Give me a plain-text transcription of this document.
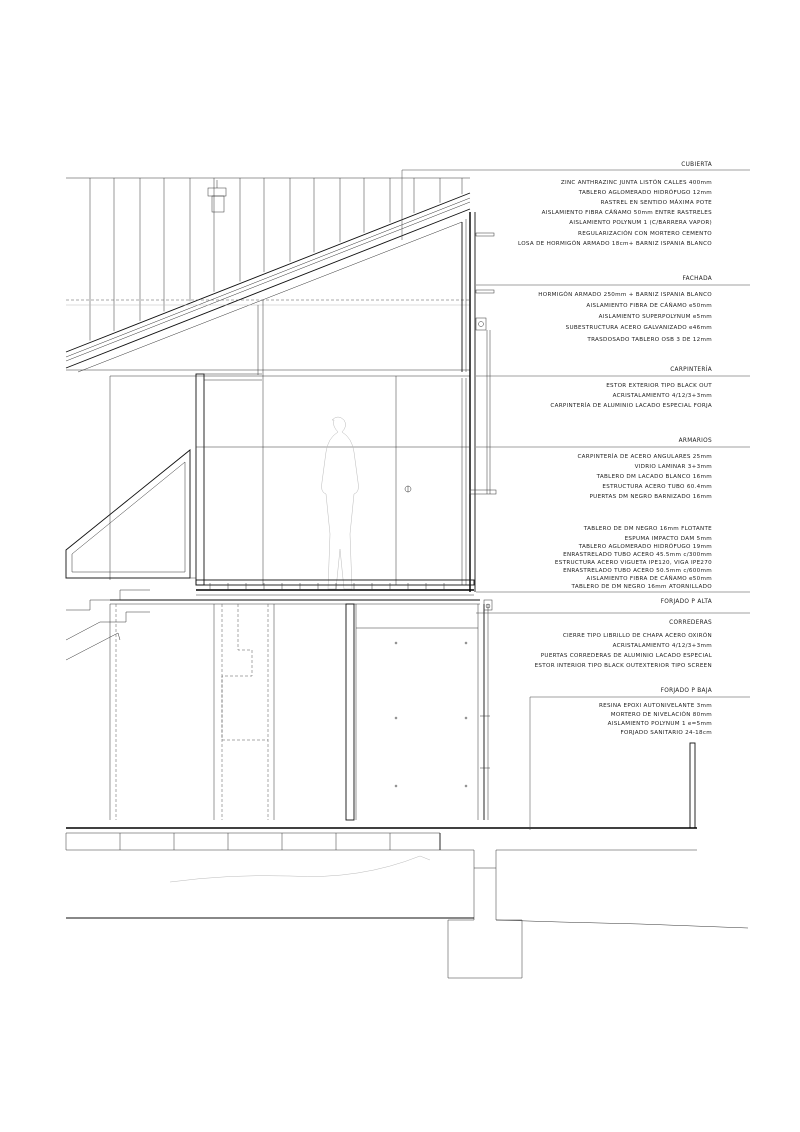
CUBIERTA
ZINC ANTHRAZINC JUNTA LISTÓN CALLES 400mm
TABLERO AGLOMERADO HIDRÓFUGO 12mm
RASTREL EN SENTIDO MÁXIMA POTE
AISLAMIENTO FIBRA CÁÑAMO 50mm ENTRE RASTRELES
AISLAMIENTO POLYNUM 1 (C/BARRERA VAPOR)
REGULARIZACIÓN CON MORTERO CEMENTO
LOSA DE HORMIGÓN ARMADO 18cm+ BARNIZ ISPANIA BLANCO
FACHADA
HORMIGÓN ARMADO 250mm + BARNIZ ISPANIA BLANCO
AISLAMIENTO FIBRA DE CÁÑAMO e50mm
AISLAMIENTO SUPERPOLYNUM e5mm
SUBESTRUCTURA ACERO GALVANIZADO e46mm
TRASDOSADO TABLERO OSB 3 DE 12mm
CARPINTERÍA
ESTOR EXTERIOR TIPO BLACK OUT
ACRISTALAMIENTO 4/12/3+3mm
CARPINTERÍA DE ALUMINIO LACADO ESPECIAL FORJA
ARMARIOS
CARPINTERÍA DE ACERO ANGULARES 25mm
VIDRIO LAMINAR 3+3mm
TABLERO DM LACADO BLANCO 16mm
ESTRUCTURA ACERO TUBO 60.4mm
PUERTAS DM NEGRO BARNIZADO 16mm
TABLERO DE DM NEGRO 16mm FLOTANTE
ESPUMA IMPACTO DAM 5mm
TABLERO AGLOMERADO HIDRÓFUGO 19mm
ENRASTRELADO TUBO ACERO 45.5mm c/300mm
ESTRUCTURA ACERO VIGUETA IPE120, VIGA IPE270
ENRASTRELADO TUBO ACERO 50.5mm c/600mm
AISLAMIENTO FIBRA DE CÁÑAMO e50mm
TABLERO DE DM NEGRO 16mm ATORNILLADO
FORJADO P ALTA
CORREDERAS
CIERRE TIPO LIBRILLO DE CHAPA ACERO OXIRÓN
ACRISTALAMIENTO 4/12/3+3mm
PUERTAS CORREDERAS DE ALUMINIO LACADO ESPECIAL
ESTOR INTERIOR TIPO BLACK OUTEXTERIOR TIPO SCREEN
FORJADO P BAJA
RESINA EPOXI AUTONIVELANTE 3mm
MORTERO DE NIVELACIÓN 80mm
AISLAMIENTO POLYNUM 1 e=5mm
FORJADO SANITARIO 24-18cm
